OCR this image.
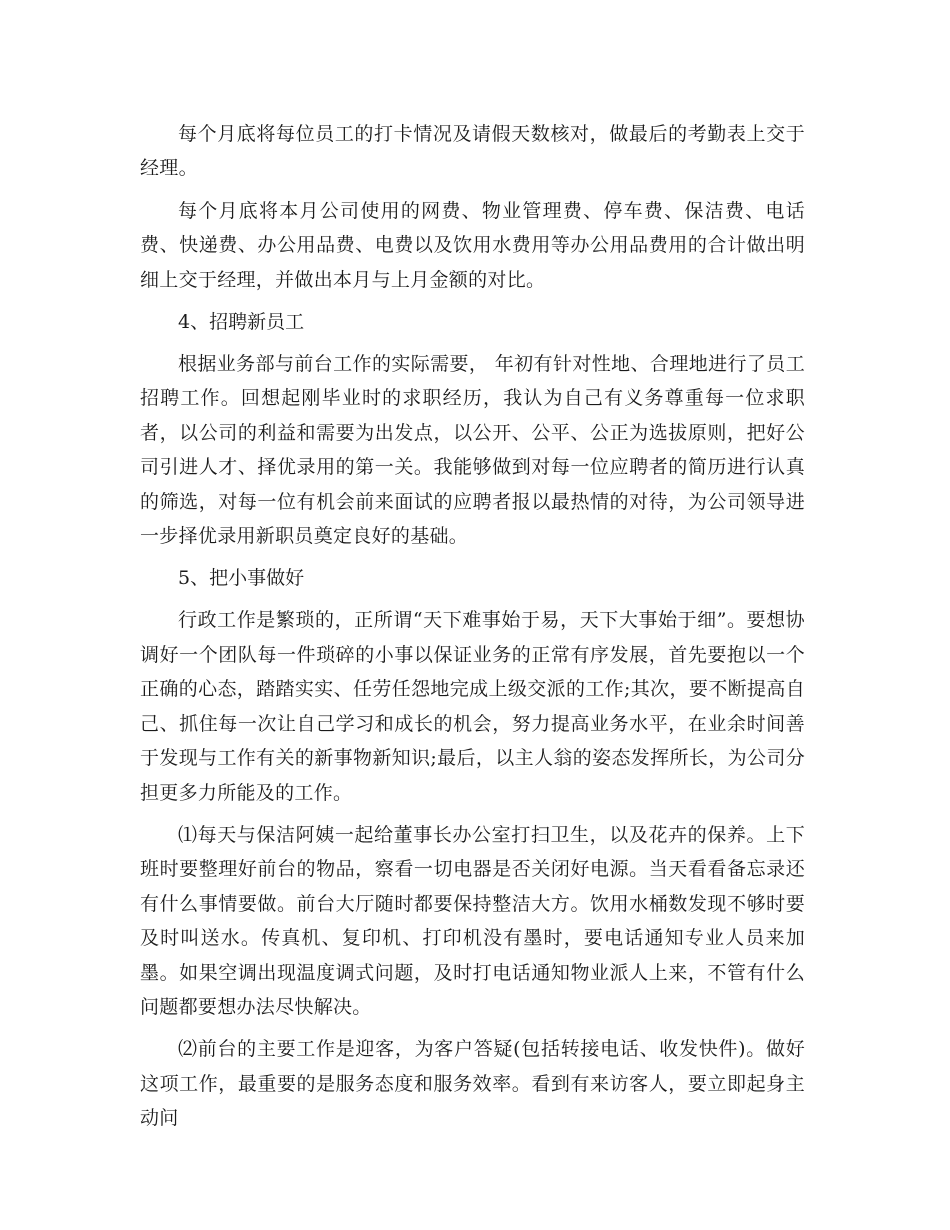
每个月底将每位员工的打卡情况及请假天数核对，做最后的考勤表上交于经理。

每个月底将本月公司使用的网费、物业管理费、停车费、保洁费、电话费、快递费、办公用品费、电费以及饮用水费用等办公用品费用的合计做出明细上交于经理，并做出本月与上月金额的对比。

4、招聘新员工

根据业务部与前台工作的实际需要， 年初有针对性地、合理地进行了员工招聘工作。回想起刚毕业时的求职经历，我认为自己有义务尊重每一位求职者，以公司的利益和需要为出发点，以公开、公平、公正为选拔原则，把好公司引进人才、择优录用的第一关。我能够做到对每一位应聘者的简历进行认真的筛选，对每一位有机会前来面试的应聘者报以最热情的对待，为公司领导进一步择优录用新职员奠定良好的基础。

5、把小事做好

行政工作是繁琐的，正所谓“天下难事始于易，天下大事始于细”。要想协调好一个团队每一件琐碎的小事以保证业务的正常有序发展，首先要抱以一个正确的心态，踏踏实实、任劳任怨地完成上级交派的工作;其次，要不断提高自己、抓住每一次让自己学习和成长的机会，努力提高业务水平，在业余时间善于发现与工作有关的新事物新知识;最后，以主人翁的姿态发挥所长，为公司分担更多力所能及的工作。

⑴每天与保洁阿姨一起给董事长办公室打扫卫生，以及花卉的保养。上下班时要整理好前台的物品，察看一切电器是否关闭好电源。当天看看备忘录还有什么事情要做。前台大厅随时都要保持整洁大方。饮用水桶数发现不够时要及时叫送水。传真机、复印机、打印机没有墨时，要电话通知专业人员来加墨。如果空调出现温度调式问题，及时打电话通知物业派人上来，不管有什么问题都要想办法尽快解决。

⑵前台的主要工作是迎客，为客户答疑(包括转接电话、收发快件)。做好这项工作，最重要的是服务态度和服务效率。看到有来访客人，要立即起身主动问
